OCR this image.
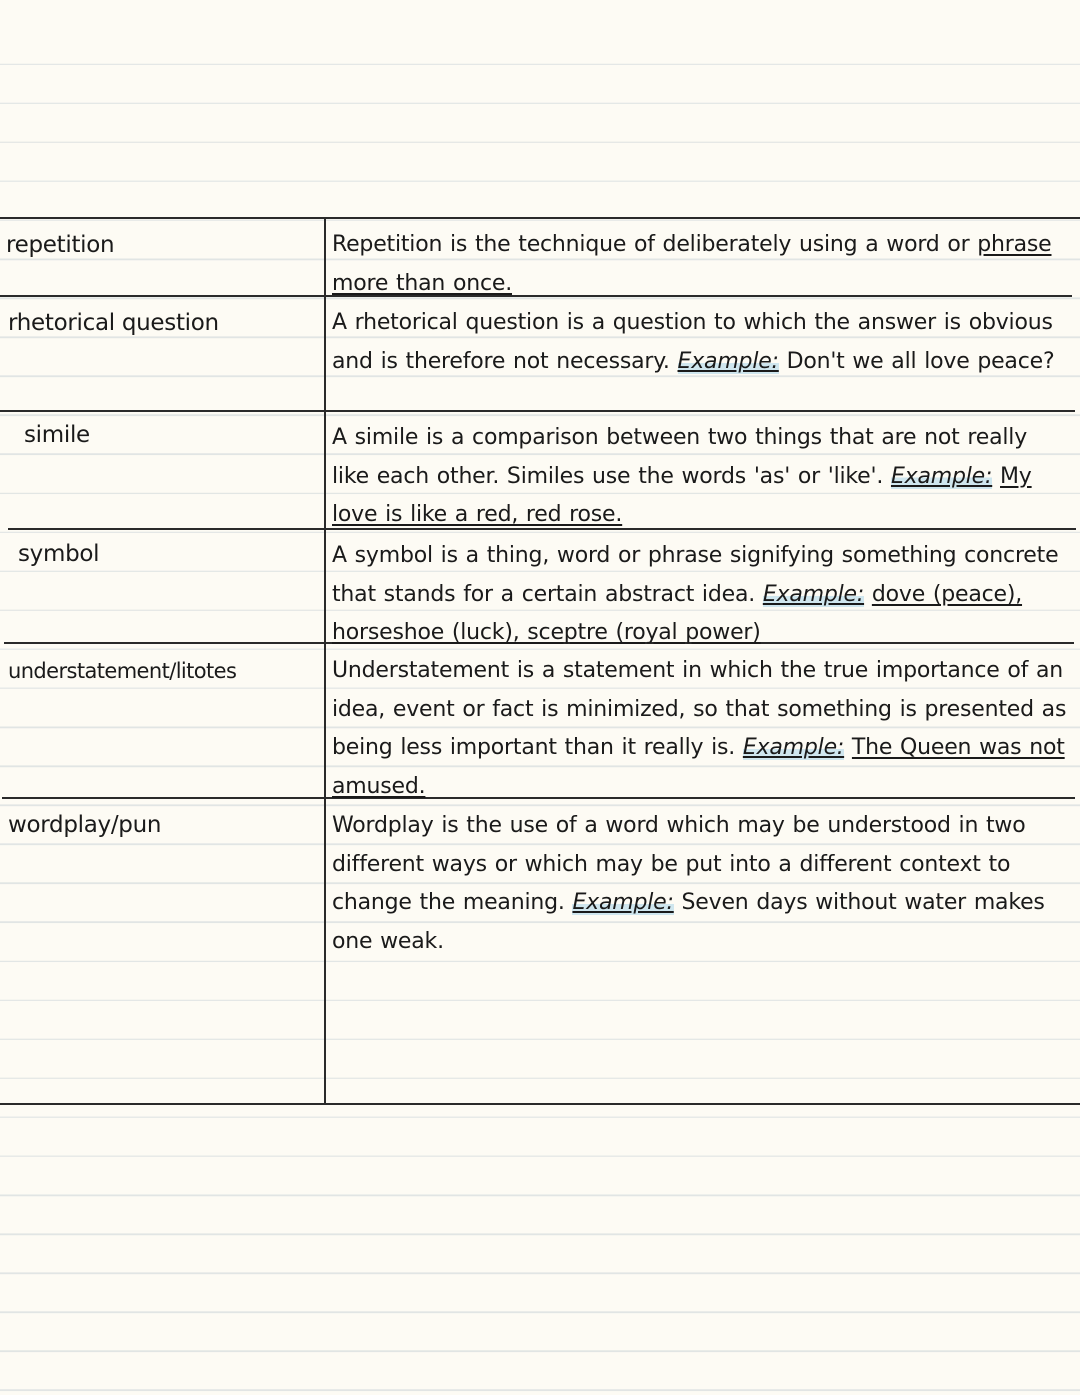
repetition	Repetition is the technique of deliberately using a word or phrase more than once.
rhetorical question	A rhetorical question is a question to which the answer is obvious and is therefore not necessary. Example: Don't we all love peace?
simile	A simile is a comparison between two things that are not really like each other. Similes use the words 'as' or 'like'. Example: My love is like a red, red rose.
symbol	A symbol is a thing, word or phrase signifying something concrete that stands for a certain abstract idea. Example: dove (peace), horseshoe (luck), sceptre (royal power)
understatement/litotes	Understatement is a statement in which the true importance of an idea, event or fact is minimized, so that something is presented as being less important than it really is. Example: The Queen was not amused.
wordplay/pun	Wordplay is the use of a word which may be understood in two different ways or which may be put into a different context to change the meaning. Example: Seven days without water makes one weak.
